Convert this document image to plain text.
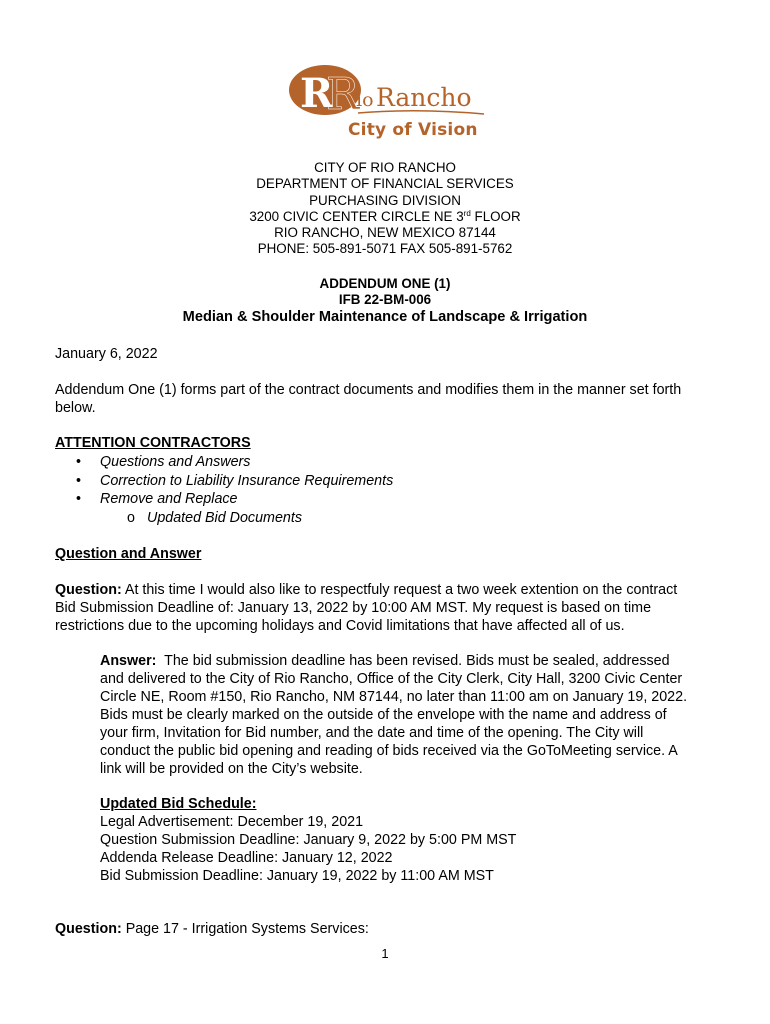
R
R
io Rancho
City of Vision
CITY OF RIO RANCHO
DEPARTMENT OF FINANCIAL SERVICES
PURCHASING DIVISION
3200 CIVIC CENTER CIRCLE NE 3rd FLOOR
RIO RANCHO, NEW MEXICO 87144
PHONE: 505-891-5071 FAX 505-891-5762
ADDENDUM ONE (1)
IFB 22-BM-006
Median & Shoulder Maintenance of Landscape & Irrigation
January 6, 2022
Addendum One (1) forms part of the contract documents and modifies them in the manner set forth
below.
ATTENTION CONTRACTORS
• Questions and Answers
• Correction to Liability Insurance Requirements
• Remove and Replace
o Updated Bid Documents
Question and Answer
Question: At this time I would also like to respectfuly request a two week extention on the contract
Bid Submission Deadline of: January 13, 2022 by 10:00 AM MST. My request is based on time
restrictions due to the upcoming holidays and Covid limitations that have affected all of us.
Answer:  The bid submission deadline has been revised. Bids must be sealed, addressed
and delivered to the City of Rio Rancho, Office of the City Clerk, City Hall, 3200 Civic Center
Circle NE, Room #150, Rio Rancho, NM 87144, no later than 11:00 am on January 19, 2022.
Bids must be clearly marked on the outside of the envelope with the name and address of
your firm, Invitation for Bid number, and the date and time of the opening. The City will
conduct the public bid opening and reading of bids received via the GoToMeeting service. A
link will be provided on the City’s website.
Updated Bid Schedule:
Legal Advertisement: December 19, 2021
Question Submission Deadline: January 9, 2022 by 5:00 PM MST
Addenda Release Deadline: January 12, 2022
Bid Submission Deadline: January 19, 2022 by 11:00 AM MST
Question: Page 17 - Irrigation Systems Services:
1
